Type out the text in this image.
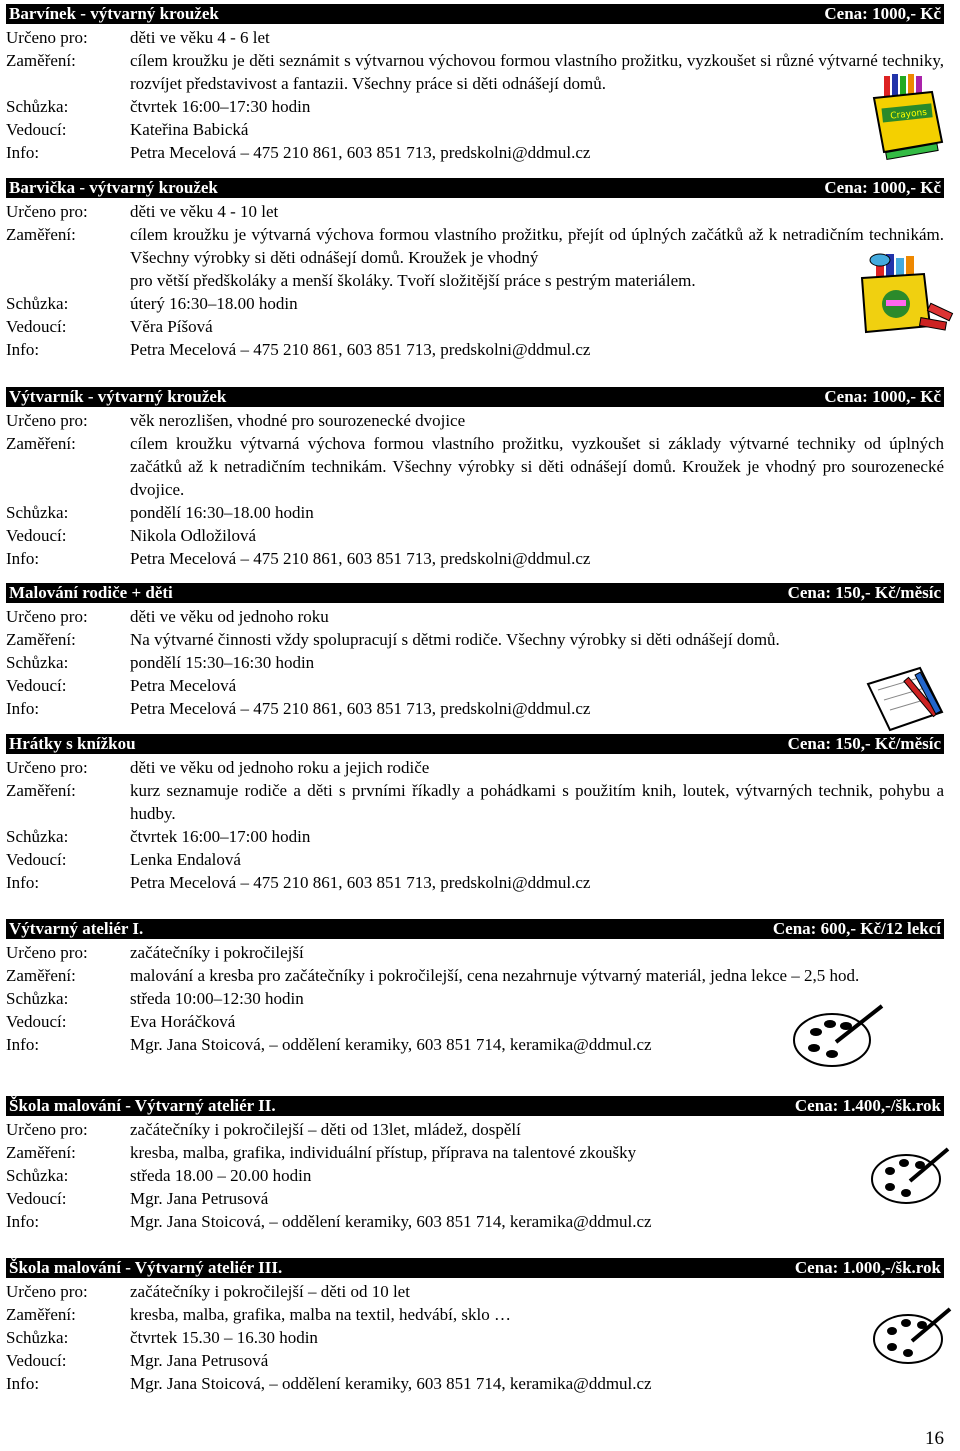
Barvínek - výtvarný kroužek	Cena: 1000,- Kč
Určeno pro:	děti ve věku 4 - 6 let
Zaměření:	cílem kroužku je děti seznámit s výtvarnou výchovou formou vlastního prožitku, vyzkoušet si různé výtvarné techniky, rozvíjet představivost a fantazii. Všechny práce si děti odnášejí domů.
Schůzka:	čtvrtek 16:00–17:30 hodin
Vedoucí:	Kateřina Babická
Info:	Petra Mecelová – 475 210 861, 603 851 713, predskolni@ddmul.cz
Barvička - výtvarný kroužek	Cena: 1000,- Kč
Určeno pro:	děti ve věku 4 - 10 let
Zaměření:	cílem kroužku je výtvarná výchova formou vlastního prožitku, přejít od úplných začátků až k netradičním technikám. Všechny výrobky si děti odnášejí domů. Kroužek je vhodný
pro větší předškoláky a menší školáky. Tvoří složitější práce s pestrým materiálem.
Schůzka:	úterý 16:30–18.00 hodin
Vedoucí:	Věra Píšová
Info:	Petra Mecelová – 475 210 861, 603 851 713, predskolni@ddmul.cz
Výtvarník - výtvarný kroužek	Cena: 1000,- Kč
Určeno pro:	věk nerozlišen, vhodné pro sourozenecké dvojice
Zaměření:	cílem kroužku výtvarná výchova formou vlastního prožitku, vyzkoušet si základy výtvarné techniky od úplných začátků až k netradičním technikám. Všechny výrobky si děti odnášejí domů. Kroužek je vhodný pro sourozenecké dvojice.
Schůzka:	pondělí 16:30–18.00 hodin
Vedoucí:	Nikola Odložilová
Info:	Petra Mecelová – 475 210 861, 603 851 713, predskolni@ddmul.cz
Malování rodiče + děti	Cena: 150,- Kč/měsíc
Určeno pro:	děti ve věku od jednoho roku
Zaměření:	Na výtvarné činnosti vždy spolupracují s dětmi rodiče. Všechny výrobky si děti odnášejí domů.
Schůzka:	pondělí 15:30–16:30 hodin
Vedoucí:	Petra Mecelová
Info:	Petra Mecelová – 475 210 861, 603 851 713, predskolni@ddmul.cz
Hrátky s knížkou	Cena: 150,- Kč/měsíc
Určeno pro:	děti ve věku od jednoho roku a jejich rodiče
Zaměření:	kurz seznamuje rodiče a děti s prvními říkadly a pohádkami s použitím knih, loutek, výtvarných technik, pohybu a hudby.
Schůzka:	čtvrtek 16:00–17:00 hodin
Vedoucí:	Lenka Endalová
Info:	Petra Mecelová – 475 210 861, 603 851 713, predskolni@ddmul.cz
Výtvarný ateliér I.	Cena: 600,- Kč/12 lekcí
Určeno pro:	začátečníky i pokročilejší
Zaměření:	malování a kresba pro začátečníky i pokročilejší, cena nezahrnuje výtvarný materiál, jedna lekce – 2,5 hod.
Schůzka:	středa 10:00–12:30 hodin
Vedoucí:	Eva Horáčková
Info:	Mgr. Jana Stoicová, – oddělení keramiky, 603 851 714, keramika@ddmul.cz
Škola malování - Výtvarný ateliér II.	Cena: 1.400,-/šk.rok
Určeno pro:	začátečníky i pokročilejší – děti od 13let, mládež, dospělí
Zaměření:	kresba, malba, grafika, individuální přístup, příprava na talentové zkoušky
Schůzka:	středa 18.00 – 20.00 hodin
Vedoucí:	Mgr. Jana Petrusová
Info:	Mgr. Jana Stoicová, – oddělení keramiky, 603 851 714, keramika@ddmul.cz
Škola malování - Výtvarný ateliér III.	Cena: 1.000,-/šk.rok
Určeno pro:	začátečníky i pokročilejší – děti od 10 let
Zaměření:	kresba, malba, grafika, malba na textil, hedvábí, sklo …
Schůzka:	čtvrtek 15.30 – 16.30 hodin
Vedoucí:	Mgr. Jana Petrusová
Info:	Mgr. Jana Stoicová, – oddělení keramiky, 603 851 714, keramika@ddmul.cz
Crayons
16
